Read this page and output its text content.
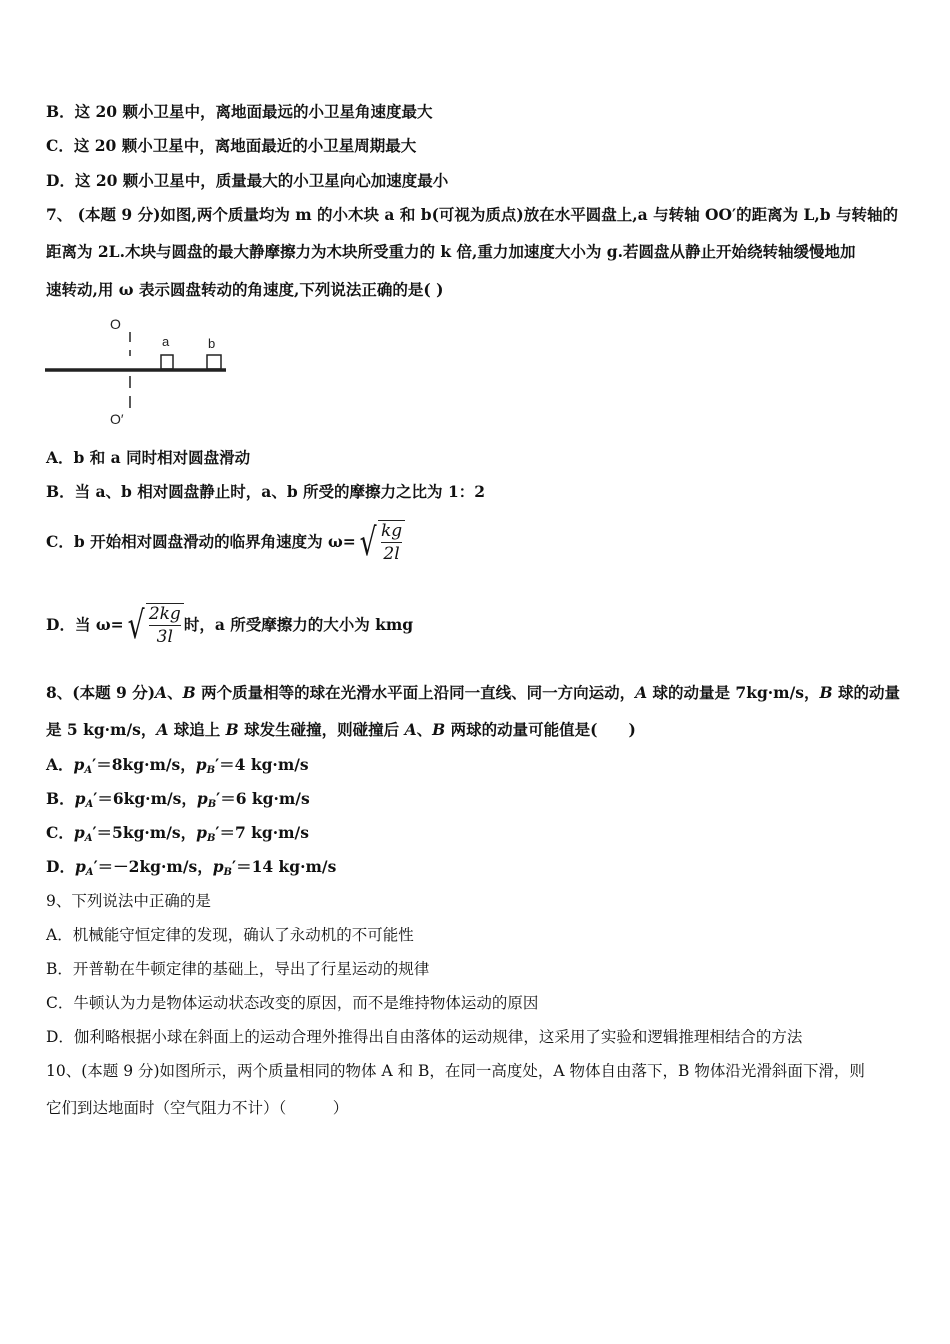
B．这 20 颗小卫星中，离地面最远的小卫星角速度最大
C．这 20 颗小卫星中，离地面最近的小卫星周期最大
D．这 20 颗小卫星中，质量最大的小卫星向心加速度最小
7、 (本题 9 分)如图,两个质量均为 m 的小木块 a 和 b(可视为质点)放在水平圆盘上,a 与转轴 OO′的距离为 L,b 与转轴的
距离为 2L.木块与圆盘的最大静摩擦力为木块所受重力的 k 倍,重力加速度大小为 g.若圆盘从静止开始绕转轴缓慢地加
速转动,用 ω 表示圆盘转动的角速度,下列说法正确的是( )
O
a	b
O′
A．b 和 a 同时相对圆盘滑动
B．当 a、b 相对圆盘静止时，a、b 所受的摩擦力之比为 1：2
C．b 开始相对圆盘滑动的临界角速度为 ω= √ kg
2l
D．当 ω= √ 2kg
3l
时，a 所受摩擦力的大小为 kmg
8、(本题 9 分)A、B 两个质量相等的球在光滑水平面上沿同一直线、同一方向运动，A 球的动量是 7kg·m/s，B 球的动量
是 5 kg·m/s，A 球追上 B 球发生碰撞，则碰撞后 A、B 两球的动量可能值是(　　)
A．$p_A'=8kg\cdot m/s$，$p_B'=4$ kg·m/s
B．$p_A'=6kg\cdot m/s$，$p_B'=6$ kg·m/s
C．$p_A'=5kg\cdot m/s$，$p_B'=7$ kg·m/s
D．$p_A'=-2kg\cdot m/s$，$p_B'=14$ kg·m/s
9、下列说法中正确的是
A．机械能守恒定律的发现，确认了永动机的不可能性
B．开普勒在牛顿定律的基础上，导出了行星运动的规律
C．牛顿认为力是物体运动状态改变的原因，而不是维持物体运动的原因
D．伽利略根据小球在斜面上的运动合理外推得出自由落体的运动规律，这采用了实验和逻辑推理相结合的方法
10、(本题 9 分)如图所示，两个质量相同的物体 A 和 B，在同一高度处，A 物体自由落下，B 物体沿光滑斜面下滑，则
它们到达地面时（空气阻力不计）（　　　）
